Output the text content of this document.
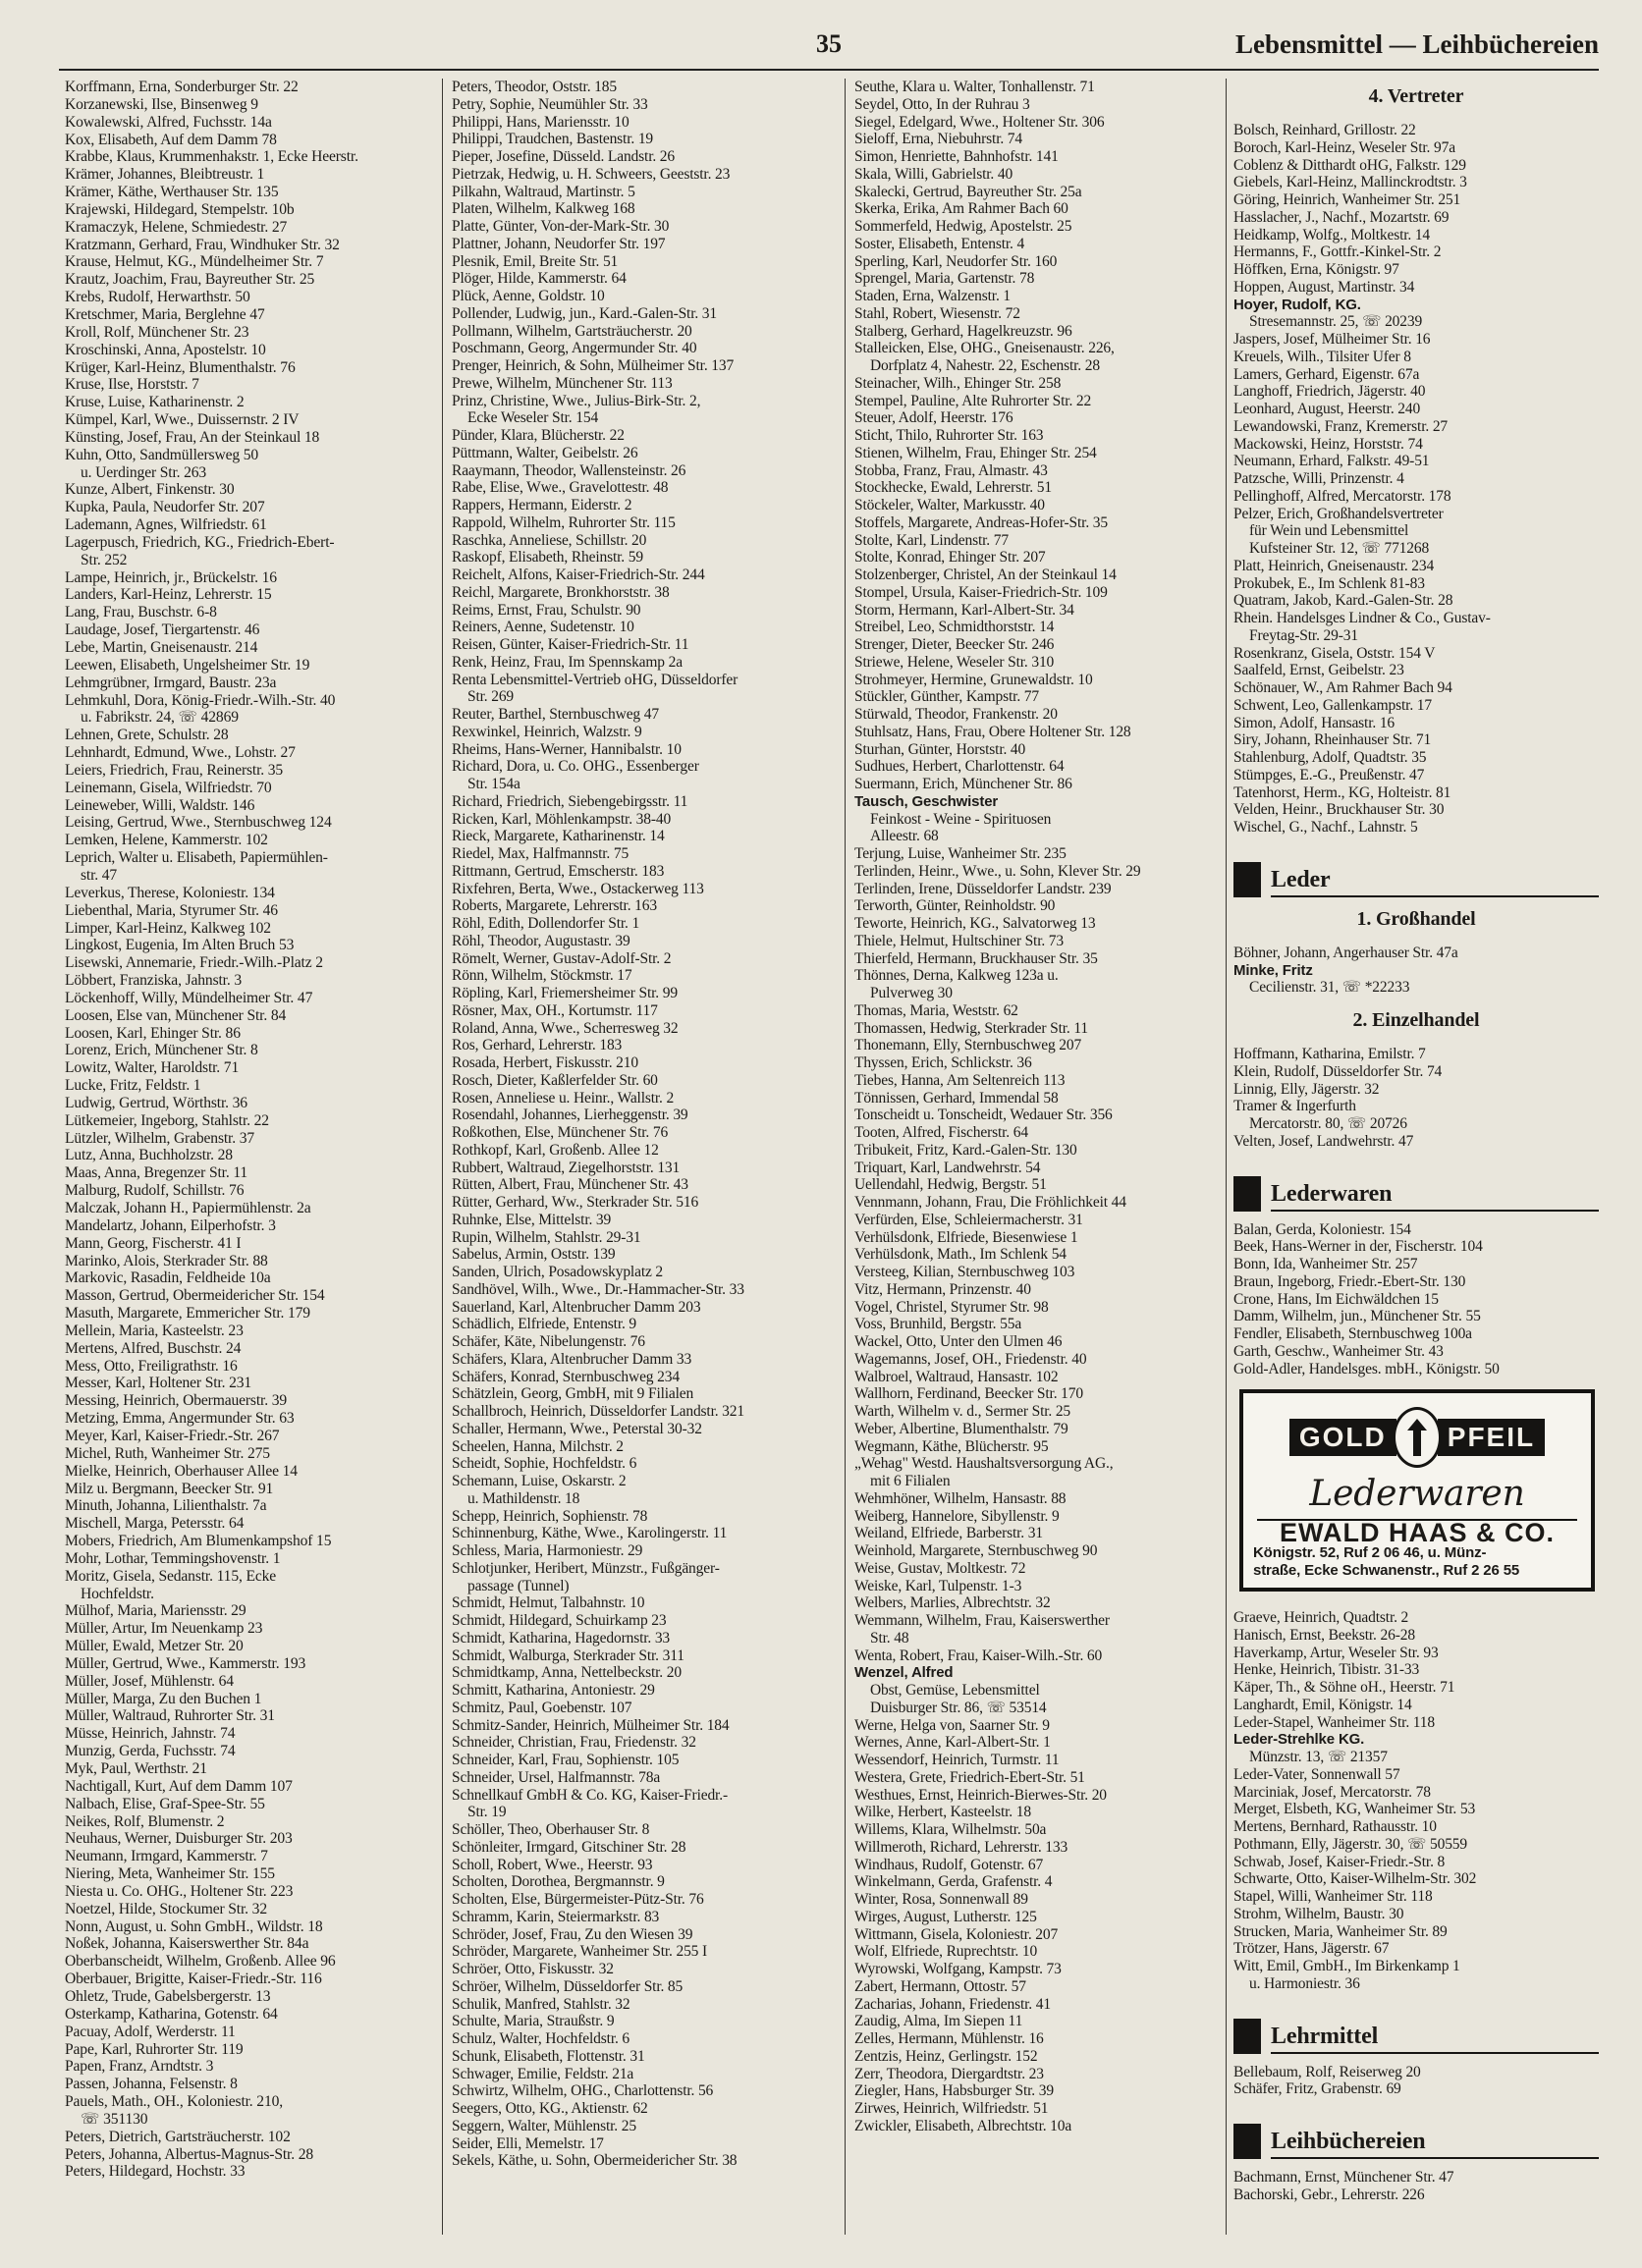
35	Lebensmittel — Leihbüchereien
Korffmann, Erna, Sonderburger Str. 22
Korzanewski, Ilse, Binsenweg 9
Kowalewski, Alfred, Fuchsstr. 14a
Kox, Elisabeth, Auf dem Damm 78
Krabbe, Klaus, Krummenhakstr. 1, Ecke Heerstr.
Krämer, Johannes, Bleibtreustr. 1
Krämer, Käthe, Werthauser Str. 135
Krajewski, Hildegard, Stempelstr. 10b
Kramaczyk, Helene, Schmiedestr. 27
Kratzmann, Gerhard, Frau, Windhuker Str. 32
Krause, Helmut, KG., Mündelheimer Str. 7
Krautz, Joachim, Frau, Bayreuther Str. 25
Krebs, Rudolf, Herwarthstr. 50
Kretschmer, Maria, Berglehne 47
Kroll, Rolf, Münchener Str. 23
Kroschinski, Anna, Apostelstr. 10
Krüger, Karl-Heinz, Blumenthalstr. 76
Kruse, Ilse, Horststr. 7
Kruse, Luise, Katharinenstr. 2
Kümpel, Karl, Wwe., Duissernstr. 2 IV
Künsting, Josef, Frau, An der Steinkaul 18
Kuhn, Otto, Sandmüllersweg 50
u. Uerdinger Str. 263
Kunze, Albert, Finkenstr. 30
Kupka, Paula, Neudorfer Str. 207
Lademann, Agnes, Wilfriedstr. 61
Lagerpusch, Friedrich, KG., Friedrich-Ebert-
Str. 252
Lampe, Heinrich, jr., Brückelstr. 16
Landers, Karl-Heinz, Lehrerstr. 15
Lang, Frau, Buschstr. 6-8
Laudage, Josef, Tiergartenstr. 46
Lebe, Martin, Gneisenaustr. 214
Leewen, Elisabeth, Ungelsheimer Str. 19
Lehmgrübner, Irmgard, Baustr. 23a
Lehmkuhl, Dora, König-Friedr.-Wilh.-Str. 40
u. Fabrikstr. 24, ☏ 42869
Lehnen, Grete, Schulstr. 28
Lehnhardt, Edmund, Wwe., Lohstr. 27
Leiers, Friedrich, Frau, Reinerstr. 35
Leinemann, Gisela, Wilfriedstr. 70
Leineweber, Willi, Waldstr. 146
Leising, Gertrud, Wwe., Sternbuschweg 124
Lemken, Helene, Kammerstr. 102
Leprich, Walter u. Elisabeth, Papiermühlen-
str. 47
Leverkus, Therese, Koloniestr. 134
Liebenthal, Maria, Styrumer Str. 46
Limper, Karl-Heinz, Kalkweg 102
Lingkost, Eugenia, Im Alten Bruch 53
Lisewski, Annemarie, Friedr.-Wilh.-Platz 2
Löbbert, Franziska, Jahnstr. 3
Löckenhoff, Willy, Mündelheimer Str. 47
Loosen, Else van, Münchener Str. 84
Loosen, Karl, Ehinger Str. 86
Lorenz, Erich, Münchener Str. 8
Lowitz, Walter, Haroldstr. 71
Lucke, Fritz, Feldstr. 1
Ludwig, Gertrud, Wörthstr. 36
Lütkemeier, Ingeborg, Stahlstr. 22
Lützler, Wilhelm, Grabenstr. 37
Lutz, Anna, Buchholzstr. 28
Maas, Anna, Bregenzer Str. 11
Malburg, Rudolf, Schillstr. 76
Malczak, Johann H., Papiermühlenstr. 2a
Mandelartz, Johann, Eilperhofstr. 3
Mann, Georg, Fischerstr. 41 I
Marinko, Alois, Sterkrader Str. 88
Markovic, Rasadin, Feldheide 10a
Masson, Gertrud, Obermeidericher Str. 154
Masuth, Margarete, Emmericher Str. 179
Mellein, Maria, Kasteelstr. 23
Mertens, Alfred, Buschstr. 24
Mess, Otto, Freiligrathstr. 16
Messer, Karl, Holtener Str. 231
Messing, Heinrich, Obermauerstr. 39
Metzing, Emma, Angermunder Str. 63
Meyer, Karl, Kaiser-Friedr.-Str. 267
Michel, Ruth, Wanheimer Str. 275
Mielke, Heinrich, Oberhauser Allee 14
Milz u. Bergmann, Beecker Str. 91
Minuth, Johanna, Lilienthalstr. 7a
Mischell, Marga, Petersstr. 64
Mobers, Friedrich, Am Blumenkampshof 15
Mohr, Lothar, Temmingshovenstr. 1
Moritz, Gisela, Sedanstr. 115, Ecke
Hochfeldstr.
Mülhof, Maria, Mariensstr. 29
Müller, Artur, Im Neuenkamp 23
Müller, Ewald, Metzer Str. 20
Müller, Gertrud, Wwe., Kammerstr. 193
Müller, Josef, Mühlenstr. 64
Müller, Marga, Zu den Buchen 1
Müller, Waltraud, Ruhrorter Str. 31
Müsse, Heinrich, Jahnstr. 74
Munzig, Gerda, Fuchsstr. 74
Myk, Paul, Werthstr. 21
Nachtigall, Kurt, Auf dem Damm 107
Nalbach, Elise, Graf-Spee-Str. 55
Neikes, Rolf, Blumenstr. 2
Neuhaus, Werner, Duisburger Str. 203
Neumann, Irmgard, Kammerstr. 7
Niering, Meta, Wanheimer Str. 155
Niesta u. Co. OHG., Holtener Str. 223
Noetzel, Hilde, Stockumer Str. 32
Nonn, August, u. Sohn GmbH., Wildstr. 18
Noßek, Johanna, Kaiserswerther Str. 84a
Oberbanscheidt, Wilhelm, Großenb. Allee 96
Oberbauer, Brigitte, Kaiser-Friedr.-Str. 116
Ohletz, Trude, Gabelsbergerstr. 13
Osterkamp, Katharina, Gotenstr. 64
Pacuay, Adolf, Werderstr. 11
Pape, Karl, Ruhrorter Str. 119
Papen, Franz, Arndtstr. 3
Passen, Johanna, Felsenstr. 8
Pauels, Math., OH., Koloniestr. 210,
☏ 351130
Peters, Dietrich, Gartsträucherstr. 102
Peters, Johanna, Albertus-Magnus-Str. 28
Peters, Hildegard, Hochstr. 33
Peters, Theodor, Oststr. 185
Petry, Sophie, Neumühler Str. 33
Philippi, Hans, Mariensstr. 10
Philippi, Traudchen, Bastenstr. 19
Pieper, Josefine, Düsseld. Landstr. 26
Pietrzak, Hedwig, u. H. Schweers, Geeststr. 23
Pilkahn, Waltraud, Martinstr. 5
Platen, Wilhelm, Kalkweg 168
Platte, Günter, Von-der-Mark-Str. 30
Plattner, Johann, Neudorfer Str. 197
Plesnik, Emil, Breite Str. 51
Plöger, Hilde, Kammerstr. 64
Plück, Aenne, Goldstr. 10
Pollender, Ludwig, jun., Kard.-Galen-Str. 31
Pollmann, Wilhelm, Gartsträucherstr. 20
Poschmann, Georg, Angermunder Str. 40
Prenger, Heinrich, & Sohn, Mülheimer Str. 137
Prewe, Wilhelm, Münchener Str. 113
Prinz, Christine, Wwe., Julius-Birk-Str. 2,
Ecke Weseler Str. 154
Pünder, Klara, Blücherstr. 22
Püttmann, Walter, Geibelstr. 26
Raaymann, Theodor, Wallensteinstr. 26
Rabe, Elise, Wwe., Gravelottestr. 48
Rappers, Hermann, Eiderstr. 2
Rappold, Wilhelm, Ruhrorter Str. 115
Raschka, Anneliese, Schillstr. 20
Raskopf, Elisabeth, Rheinstr. 59
Reichelt, Alfons, Kaiser-Friedrich-Str. 244
Reichl, Margarete, Bronkhorststr. 38
Reims, Ernst, Frau, Schulstr. 90
Reiners, Aenne, Sudetenstr. 10
Reisen, Günter, Kaiser-Friedrich-Str. 11
Renk, Heinz, Frau, Im Spennskamp 2a
Renta Lebensmittel-Vertrieb oHG, Düsseldorfer
Str. 269
Reuter, Barthel, Sternbuschweg 47
Rexwinkel, Heinrich, Walzstr. 9
Rheims, Hans-Werner, Hannibalstr. 10
Richard, Dora, u. Co. OHG., Essenberger
Str. 154a
Richard, Friedrich, Siebengebirgsstr. 11
Ricken, Karl, Möhlenkampstr. 38-40
Rieck, Margarete, Katharinenstr. 14
Riedel, Max, Halfmannstr. 75
Rittmann, Gertrud, Emscherstr. 183
Rixfehren, Berta, Wwe., Ostackerweg 113
Roberts, Margarete, Lehrerstr. 163
Röhl, Edith, Dollendorfer Str. 1
Röhl, Theodor, Augustastr. 39
Römelt, Werner, Gustav-Adolf-Str. 2
Rönn, Wilhelm, Stöckmstr. 17
Röpling, Karl, Friemersheimer Str. 99
Rösner, Max, OH., Kortumstr. 117
Roland, Anna, Wwe., Scherresweg 32
Ros, Gerhard, Lehrerstr. 183
Rosada, Herbert, Fiskusstr. 210
Rosch, Dieter, Kaßlerfelder Str. 60
Rosen, Anneliese u. Heinr., Wallstr. 2
Rosendahl, Johannes, Lierheggenstr. 39
Roßkothen, Else, Münchener Str. 76
Rothkopf, Karl, Großenb. Allee 12
Rubbert, Waltraud, Ziegelhorststr. 131
Rütten, Albert, Frau, Münchener Str. 43
Rütter, Gerhard, Ww., Sterkrader Str. 516
Ruhnke, Else, Mittelstr. 39
Rupin, Wilhelm, Stahlstr. 29-31
Sabelus, Armin, Oststr. 139
Sanden, Ulrich, Posadowskyplatz 2
Sandhövel, Wilh., Wwe., Dr.-Hammacher-Str. 33
Sauerland, Karl, Altenbrucher Damm 203
Schädlich, Elfriede, Entenstr. 9
Schäfer, Käte, Nibelungenstr. 76
Schäfers, Klara, Altenbrucher Damm 33
Schäfers, Konrad, Sternbuschweg 234
Schätzlein, Georg, GmbH, mit 9 Filialen
Schallbroch, Heinrich, Düsseldorfer Landstr. 321
Schaller, Hermann, Wwe., Peterstal 30-32
Scheelen, Hanna, Milchstr. 2
Scheidt, Sophie, Hochfeldstr. 6
Schemann, Luise, Oskarstr. 2
u. Mathildenstr. 18
Schepp, Heinrich, Sophienstr. 78
Schinnenburg, Käthe, Wwe., Karolingerstr. 11
Schless, Maria, Harmoniestr. 29
Schlotjunker, Heribert, Münzstr., Fußgänger-
passage (Tunnel)
Schmidt, Helmut, Talbahnstr. 10
Schmidt, Hildegard, Schuirkamp 23
Schmidt, Katharina, Hagedornstr. 33
Schmidt, Walburga, Sterkrader Str. 311
Schmidtkamp, Anna, Nettelbeckstr. 20
Schmitt, Katharina, Antoniestr. 29
Schmitz, Paul, Goebenstr. 107
Schmitz-Sander, Heinrich, Mülheimer Str. 184
Schneider, Christian, Frau, Friedenstr. 32
Schneider, Karl, Frau, Sophienstr. 105
Schneider, Ursel, Halfmannstr. 78a
Schnellkauf GmbH & Co. KG, Kaiser-Friedr.-
Str. 19
Schöller, Theo, Oberhauser Str. 8
Schönleiter, Irmgard, Gitschiner Str. 28
Scholl, Robert, Wwe., Heerstr. 93
Scholten, Dorothea, Bergmannstr. 9
Scholten, Else, Bürgermeister-Pütz-Str. 76
Schramm, Karin, Steiermarkstr. 83
Schröder, Josef, Frau, Zu den Wiesen 39
Schröder, Margarete, Wanheimer Str. 255 I
Schröer, Otto, Fiskusstr. 32
Schröer, Wilhelm, Düsseldorfer Str. 85
Schulik, Manfred, Stahlstr. 32
Schulte, Maria, Straußstr. 9
Schulz, Walter, Hochfeldstr. 6
Schunk, Elisabeth, Flottenstr. 31
Schwager, Emilie, Feldstr. 21a
Schwirtz, Wilhelm, OHG., Charlottenstr. 56
Seegers, Otto, KG., Aktienstr. 62
Seggern, Walter, Mühlenstr. 25
Seider, Elli, Memelstr. 17
Sekels, Käthe, u. Sohn, Obermeidericher Str. 38
Seuthe, Klara u. Walter, Tonhallenstr. 71
Seydel, Otto, In der Ruhrau 3
Siegel, Edelgard, Wwe., Holtener Str. 306
Sieloff, Erna, Niebuhrstr. 74
Simon, Henriette, Bahnhofstr. 141
Skala, Willi, Gabrielstr. 40
Skalecki, Gertrud, Bayreuther Str. 25a
Skerka, Erika, Am Rahmer Bach 60
Sommerfeld, Hedwig, Apostelstr. 25
Soster, Elisabeth, Entenstr. 4
Sperling, Karl, Neudorfer Str. 160
Sprengel, Maria, Gartenstr. 78
Staden, Erna, Walzenstr. 1
Stahl, Robert, Wiesenstr. 72
Stalberg, Gerhard, Hagelkreuzstr. 96
Stalleicken, Else, OHG., Gneisenaustr. 226,
Dorfplatz 4, Nahestr. 22, Eschenstr. 28
Steinacher, Wilh., Ehinger Str. 258
Stempel, Pauline, Alte Ruhrorter Str. 22
Steuer, Adolf, Heerstr. 176
Sticht, Thilo, Ruhrorter Str. 163
Stienen, Wilhelm, Frau, Ehinger Str. 254
Stobba, Franz, Frau, Almastr. 43
Stockhecke, Ewald, Lehrerstr. 51
Stöckeler, Walter, Markusstr. 40
Stoffels, Margarete, Andreas-Hofer-Str. 35
Stolte, Karl, Lindenstr. 77
Stolte, Konrad, Ehinger Str. 207
Stolzenberger, Christel, An der Steinkaul 14
Stompel, Ursula, Kaiser-Friedrich-Str. 109
Storm, Hermann, Karl-Albert-Str. 34
Streibel, Leo, Schmidthorststr. 14
Strenger, Dieter, Beecker Str. 246
Striewe, Helene, Weseler Str. 310
Strohmeyer, Hermine, Grunewaldstr. 10
Stückler, Günther, Kampstr. 77
Stürwald, Theodor, Frankenstr. 20
Stuhlsatz, Hans, Frau, Obere Holtener Str. 128
Sturhan, Günter, Horststr. 40
Sudhues, Herbert, Charlottenstr. 64
Suermann, Erich, Münchener Str. 86
Tausch, Geschwister
Feinkost - Weine - Spirituosen
Alleestr. 68
Terjung, Luise, Wanheimer Str. 235
Terlinden, Heinr., Wwe., u. Sohn, Klever Str. 29
Terlinden, Irene, Düsseldorfer Landstr. 239
Terworth, Günter, Reinholdstr. 90
Teworte, Heinrich, KG., Salvatorweg 13
Thiele, Helmut, Hultschiner Str. 73
Thierfeld, Hermann, Bruckhauser Str. 35
Thönnes, Derna, Kalkweg 123a u.
Pulverweg 30
Thomas, Maria, Weststr. 62
Thomassen, Hedwig, Sterkrader Str. 11
Thonemann, Elly, Sternbuschweg 207
Thyssen, Erich, Schlickstr. 36
Tiebes, Hanna, Am Seltenreich 113
Tönnissen, Gerhard, Immendal 58
Tonscheidt u. Tonscheidt, Wedauer Str. 356
Tooten, Alfred, Fischerstr. 64
Tribukeit, Fritz, Kard.-Galen-Str. 130
Triquart, Karl, Landwehrstr. 54
Uellendahl, Hedwig, Bergstr. 51
Vennmann, Johann, Frau, Die Fröhlichkeit 44
Verfürden, Else, Schleiermacherstr. 31
Verhülsdonk, Elfriede, Biesenwiese 1
Verhülsdonk, Math., Im Schlenk 54
Versteeg, Kilian, Sternbuschweg 103
Vitz, Hermann, Prinzenstr. 40
Vogel, Christel, Styrumer Str. 98
Voss, Brunhild, Bergstr. 55a
Wackel, Otto, Unter den Ulmen 46
Wagemanns, Josef, OH., Friedenstr. 40
Walbroel, Waltraud, Hansastr. 102
Wallhorn, Ferdinand, Beecker Str. 170
Warth, Wilhelm v. d., Sermer Str. 25
Weber, Albertine, Blumenthalstr. 79
Wegmann, Käthe, Blücherstr. 95
„Wehag" Westd. Haushaltsversorgung AG.,
mit 6 Filialen
Wehmhöner, Wilhelm, Hansastr. 88
Weiberg, Hannelore, Sibyllenstr. 9
Weiland, Elfriede, Barberstr. 31
Weinhold, Margarete, Sternbuschweg 90
Weise, Gustav, Moltkestr. 72
Weiske, Karl, Tulpenstr. 1-3
Welbers, Marlies, Albrechtstr. 32
Wemmann, Wilhelm, Frau, Kaiserswerther
Str. 48
Wenta, Robert, Frau, Kaiser-Wilh.-Str. 60
Wenzel, Alfred
Obst, Gemüse, Lebensmittel
Duisburger Str. 86, ☏ 53514
Werne, Helga von, Saarner Str. 9
Wernes, Anne, Karl-Albert-Str. 1
Wessendorf, Heinrich, Turmstr. 11
Westera, Grete, Friedrich-Ebert-Str. 51
Westhues, Ernst, Heinrich-Bierwes-Str. 20
Wilke, Herbert, Kasteelstr. 18
Willems, Klara, Wilhelmstr. 50a
Willmeroth, Richard, Lehrerstr. 133
Windhaus, Rudolf, Gotenstr. 67
Winkelmann, Gerda, Grafenstr. 4
Winter, Rosa, Sonnenwall 89
Wirges, August, Lutherstr. 125
Wittmann, Gisela, Koloniestr. 207
Wolf, Elfriede, Ruprechtstr. 10
Wyrowski, Wolfgang, Kampstr. 73
Zabert, Hermann, Ottostr. 57
Zacharias, Johann, Friedenstr. 41
Zaudig, Alma, Im Siepen 11
Zelles, Hermann, Mühlenstr. 16
Zentzis, Heinz, Gerlingstr. 152
Zerr, Theodora, Diergardtstr. 23
Ziegler, Hans, Habsburger Str. 39
Zirwes, Heinrich, Wilfriedstr. 51
Zwickler, Elisabeth, Albrechtstr. 10a
4. Vertreter
Bolsch, Reinhard, Grillostr. 22
Boroch, Karl-Heinz, Weseler Str. 97a
Coblenz & Ditthardt oHG, Falkstr. 129
Giebels, Karl-Heinz, Mallinckrodtstr. 3
Göring, Heinrich, Wanheimer Str. 251
Hasslacher, J., Nachf., Mozartstr. 69
Heidkamp, Wolfg., Moltkestr. 14
Hermanns, F., Gottfr.-Kinkel-Str. 2
Höffken, Erna, Königstr. 97
Hoppen, August, Martinstr. 34
Hoyer, Rudolf, KG.
Stresemannstr. 25, ☏ 20239
Jaspers, Josef, Mülheimer Str. 16
Kreuels, Wilh., Tilsiter Ufer 8
Lamers, Gerhard, Eigenstr. 67a
Langhoff, Friedrich, Jägerstr. 40
Leonhard, August, Heerstr. 240
Lewandowski, Franz, Kremerstr. 27
Mackowski, Heinz, Horststr. 74
Neumann, Erhard, Falkstr. 49-51
Patzsche, Willi, Prinzenstr. 4
Pellinghoff, Alfred, Mercatorstr. 178
Pelzer, Erich, Großhandelsvertreter
für Wein und Lebensmittel
Kufsteiner Str. 12, ☏ 771268
Platt, Heinrich, Gneisenaustr. 234
Prokubek, E., Im Schlenk 81-83
Quatram, Jakob, Kard.-Galen-Str. 28
Rhein. Handelsges Lindner & Co., Gustav-
Freytag-Str. 29-31
Rosenkranz, Gisela, Oststr. 154 V
Saalfeld, Ernst, Geibelstr. 23
Schönauer, W., Am Rahmer Bach 94
Schwent, Leo, Gallenkampstr. 17
Simon, Adolf, Hansastr. 16
Siry, Johann, Rheinhauser Str. 71
Stahlenburg, Adolf, Quadtstr. 35
Stümpges, E.-G., Preußenstr. 47
Tatenhorst, Herm., KG, Holteistr. 81
Velden, Heinr., Bruckhauser Str. 30
Wischel, G., Nachf., Lahnstr. 5
Leder
1. Großhandel
Böhner, Johann, Angerhauser Str. 47a
Minke, Fritz
Cecilienstr. 31, ☏ *22233
2. Einzelhandel
Hoffmann, Katharina, Emilstr. 7
Klein, Rudolf, Düsseldorfer Str. 74
Linnig, Elly, Jägerstr. 32
Tramer & Ingerfurth
Mercatorstr. 80, ☏ 20726
Velten, Josef, Landwehrstr. 47
Lederwaren
Balan, Gerda, Koloniestr. 154
Beek, Hans-Werner in der, Fischerstr. 104
Bonn, Ida, Wanheimer Str. 257
Braun, Ingeborg, Friedr.-Ebert-Str. 130
Crone, Hans, Im Eichwäldchen 15
Damm, Wilhelm, jun., Münchener Str. 55
Fendler, Elisabeth, Sternbuschweg 100a
Garth, Geschw., Wanheimer Str. 43
Gold-Adler, Handelsges. mbH., Königstr. 50
GOLD	PFEIL
Lederwaren
EWALD HAAS & CO.
Königstr. 52, Ruf 2 06 46, u. Münz-
straße, Ecke Schwanenstr., Ruf 2 26 55
Graeve, Heinrich, Quadtstr. 2
Hanisch, Ernst, Beekstr. 26-28
Haverkamp, Artur, Weseler Str. 93
Henke, Heinrich, Tibistr. 31-33
Käper, Th., & Söhne oH., Heerstr. 71
Langhardt, Emil, Königstr. 14
Leder-Stapel, Wanheimer Str. 118
Leder-Strehlke KG.
Münzstr. 13, ☏ 21357
Leder-Vater, Sonnenwall 57
Marciniak, Josef, Mercatorstr. 78
Merget, Elsbeth, KG, Wanheimer Str. 53
Mertens, Bernhard, Rathausstr. 10
Pothmann, Elly, Jägerstr. 30, ☏ 50559
Schwab, Josef, Kaiser-Friedr.-Str. 8
Schwarte, Otto, Kaiser-Wilhelm-Str. 302
Stapel, Willi, Wanheimer Str. 118
Strohm, Wilhelm, Baustr. 30
Strucken, Maria, Wanheimer Str. 89
Trötzer, Hans, Jägerstr. 67
Witt, Emil, GmbH., Im Birkenkamp 1
u. Harmoniestr. 36
Lehrmittel
Bellebaum, Rolf, Reiserweg 20
Schäfer, Fritz, Grabenstr. 69
Leihbüchereien
Bachmann, Ernst, Münchener Str. 47
Bachorski, Gebr., Lehrerstr. 226
